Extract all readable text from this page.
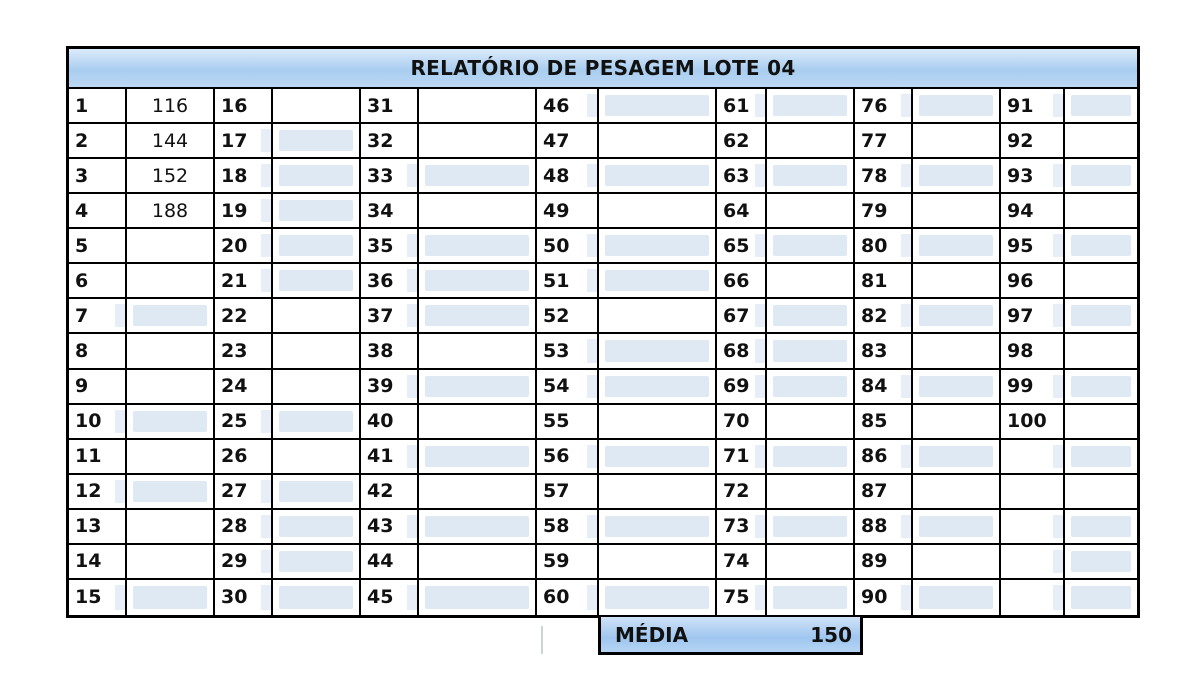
RELATÓRIO DE PESAGEM LOTE 04
1	116
2	144
3	152
4	188
5
6
7
8
9
10
11
12
13
14
15
16
17
18
19
20
21
22
23
24
25
26
27
28
29
30
31
32
33
34
35
36
37
38
39
40
41
42
43
44
45
46
47
48
49
50
51
52
53
54
55
56
57
58
59
60
61
62
63
64
65
66
67
68
69
70
71
72
73
74
75
76
77
78
79
80
81
82
83
84
85
86
87
88
89
90
91
92
93
94
95
96
97
98
99
100
MÉDIA	150
